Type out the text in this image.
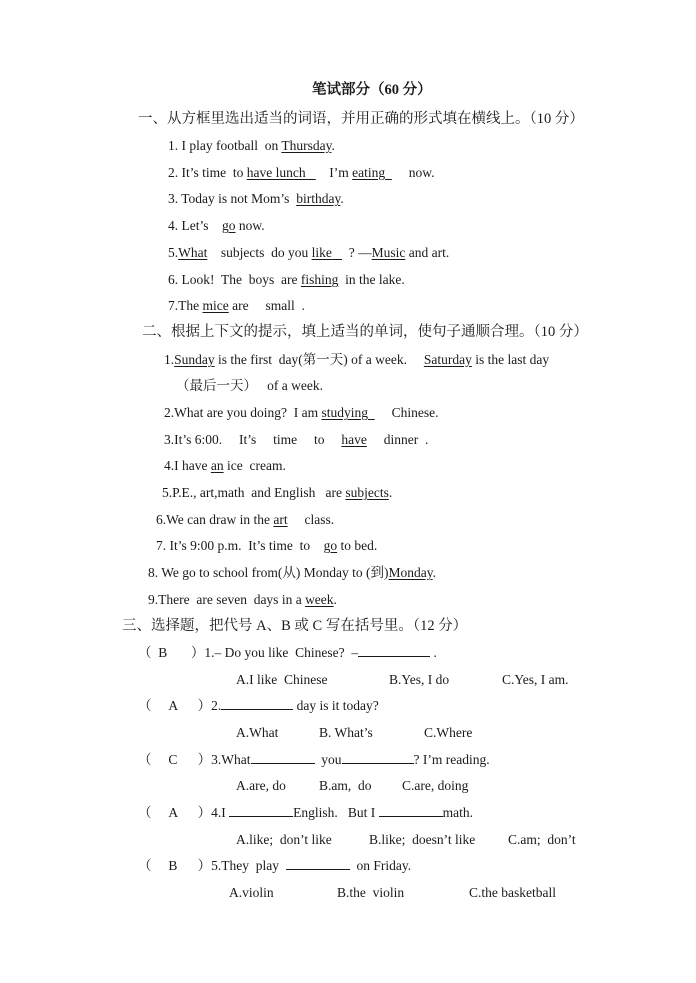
笔试部分（60 分）
一、从方框里选出适当的词语，并用正确的形式填在横线上。（10 分）
1. I play football  on Thursday.
2. It’s time  to have lunch       I’m eating       now.
3. Today is not Mom’s  birthday.
4. Let’s    go now.
5.What    subjects  do you like     ? —Music and art.
6. Look!  The  boys  are fishing  in the lake.
7.The mice are     small  .
二、根据上下文的提示，填上适当的单词，使句子通顺合理。（10 分）
1.Sunday is the first  day(第一天) of a week.     Saturday is the last day
（最后一天）   of a week.
2.What are you doing?  I am studying       Chinese.
3.It’s 6:00.     It’s     time     to     have     dinner  .
4.I have an ice  cream.
5.P.E., art,math  and English   are subjects.
6.We can draw in the art     class.
7. It’s 9:00 p.m.  It’s time  to    go to bed.
8. We go to school from(从) Monday to (到)Monday.
9.There  are seven  days in a week.
三、选择题，把代号 A、B 或 C 写在括号里。（12 分）
（  B       ）1.– Do you like  Chinese?  –	.
A.I like  Chinese	B.Yes, I do	C.Yes, I am.
（     A      ）2.	day is it today?
A.What	B. What’s	C.Where
（     C      ）3.What	you	? I’m reading.
A.are, do B.am,  do C.are, doing
（     A      ）4.I	English.   But I	math.
A.like;  don’t like	B.like;  doesn’t like C.am;  don’t
（     B      ）5.They  play	on Friday.
A.violin	B.the  violin	C.the basketball
